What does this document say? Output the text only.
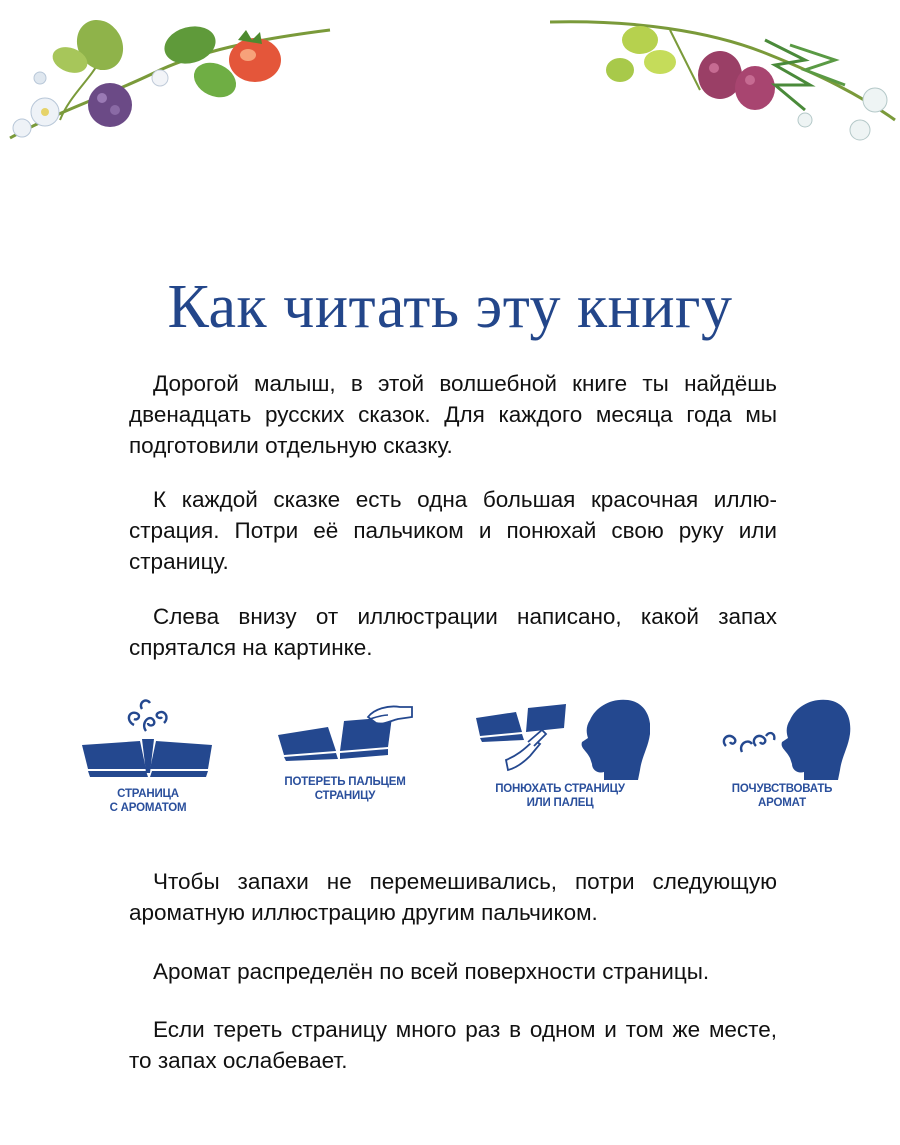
Как читать эту книгу

Дорогой малыш, в этой волшебной книге ты найдёшь двенадцать русских сказок. Для каждого месяца года мы подготовили отдельную сказку.

К каждой сказке есть одна большая красочная иллюстрация. Потри её пальчиком и понюхай свою руку или страницу.

Слева внизу от иллюстрации написано, какой запах спрятался на картинке.

СТРАНИЦА
С АРОМАТОМ
ПОТЕРЕТЬ ПАЛЬЦЕМ
СТРАНИЦУ
ПОНЮХАТЬ СТРАНИЦУ
ИЛИ ПАЛЕЦ
ПОЧУВСТВОВАТЬ
АРОМАТ

Чтобы запахи не перемешивались, потри следующую ароматную иллюстрацию другим пальчиком.

Аромат распределён по всей поверхности страницы.

Если тереть страницу много раз в одном и том же месте, то запах ослабевает.
